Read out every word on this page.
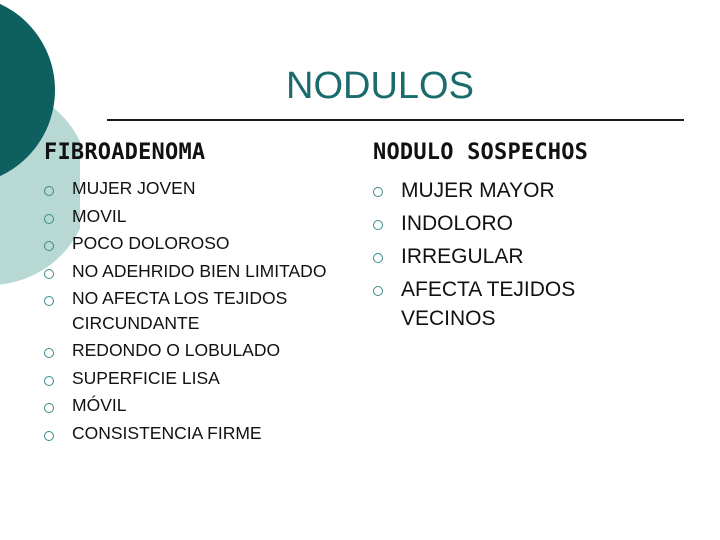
NODULOS
FIBROADENOMA	NODULO SOSPECHOS
MUJER JOVEN
MOVIL
POCO DOLOROSO
NO ADEHRIDO BIEN LIMITADO
NO AFECTA LOS TEJIDOS CIRCUNDANTE
REDONDO O LOBULADO
SUPERFICIE LISA
MÓVIL
CONSISTENCIA FIRME
MUJER MAYOR
INDOLORO
IRREGULAR
AFECTA TEJIDOS VECINOS
